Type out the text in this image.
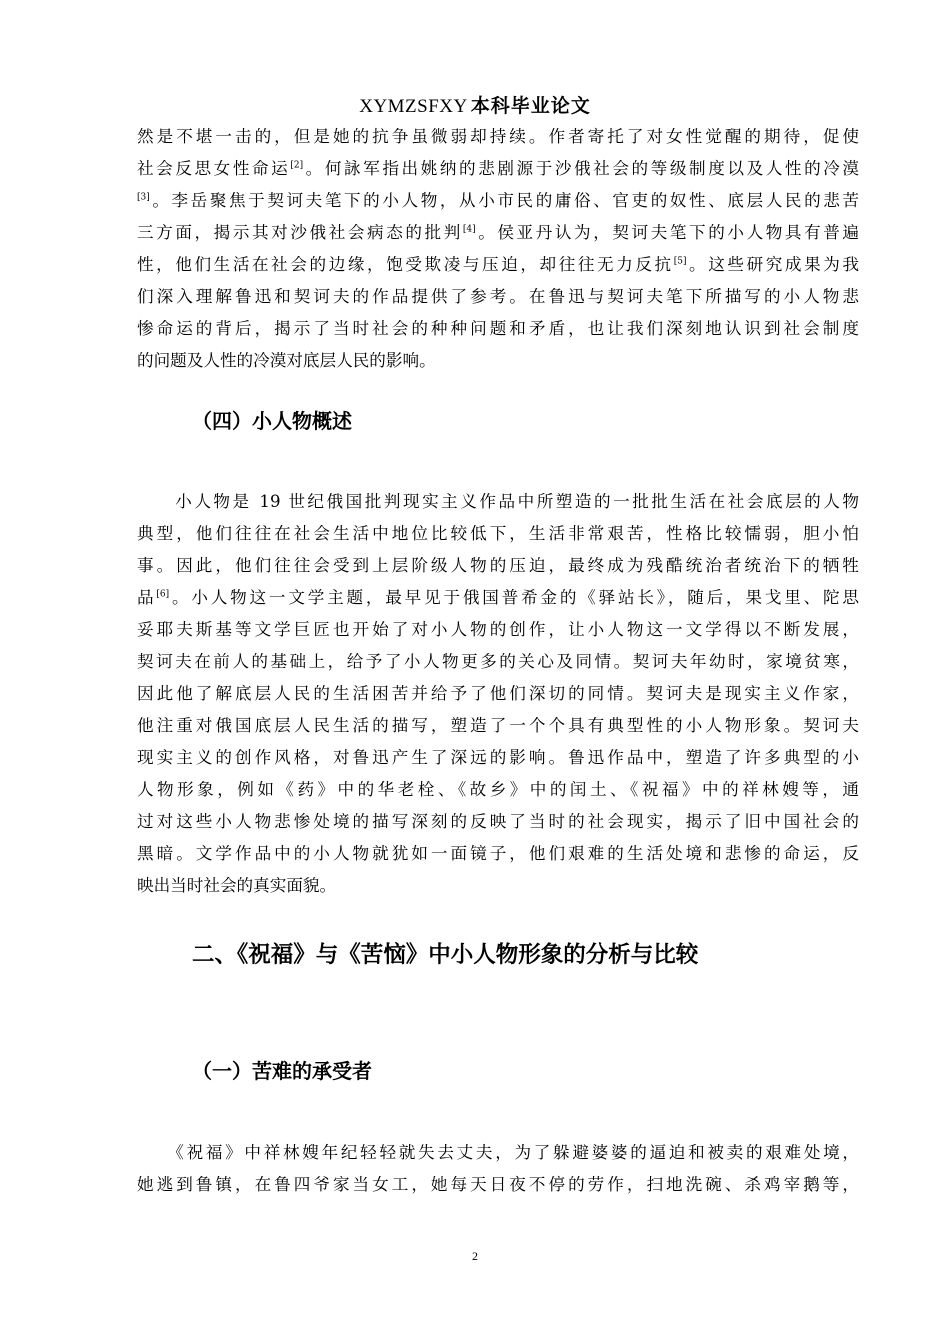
XYMZSFXY 本科毕业论文
然是不堪一击的，但是她的抗争虽微弱却持续。作者寄托了对女性觉醒的期待，促使
社会反思女性命运[2]。何詠军指出姚纳的悲剧源于沙俄社会的等级制度以及人性的冷漠
[3]。李岳聚焦于契诃夫笔下的小人物，从小市民的庸俗、官吏的奴性、底层人民的悲苦
三方面，揭示其对沙俄社会病态的批判[4]。侯亚丹认为，契诃夫笔下的小人物具有普遍
性，他们生活在社会的边缘，饱受欺凌与压迫，却往往无力反抗[5]。这些研究成果为我
们深入理解鲁迅和契诃夫的作品提供了参考。在鲁迅与契诃夫笔下所描写的小人物悲
惨命运的背后，揭示了当时社会的种种问题和矛盾，也让我们深刻地认识到社会制度
的问题及人性的冷漠对底层人民的影响。
（四）小人物概述
　　小人物是 19 世纪俄国批判现实主义作品中所塑造的一批批生活在社会底层的人物
典型，他们往往在社会生活中地位比较低下，生活非常艰苦，性格比较懦弱，胆小怕
事。因此，他们往往会受到上层阶级人物的压迫，最终成为残酷统治者统治下的牺牲
品[6]。小人物这一文学主题，最早见于俄国普希金的《驿站长》，随后，果戈里、陀思
妥耶夫斯基等文学巨匠也开始了对小人物的创作，让小人物这一文学得以不断发展，
契诃夫在前人的基础上，给予了小人物更多的关心及同情。契诃夫年幼时，家境贫寒，
因此他了解底层人民的生活困苦并给予了他们深切的同情。契诃夫是现实主义作家，
他注重对俄国底层人民生活的描写，塑造了一个个具有典型性的小人物形象。契诃夫
现实主义的创作风格，对鲁迅产生了深远的影响。鲁迅作品中，塑造了许多典型的小
人物形象，例如《药》中的华老栓、《故乡》中的闰土、《祝福》中的祥林嫂等，通
过对这些小人物悲惨处境的描写深刻的反映了当时的社会现实，揭示了旧中国社会的
黑暗。文学作品中的小人物就犹如一面镜子，他们艰难的生活处境和悲惨的命运，反
映出当时社会的真实面貌。
二、《祝福》与《苦恼》中小人物形象的分析与比较
（一）苦难的承受者
　　《祝福》中祥林嫂年纪轻轻就失去丈夫，为了躲避婆婆的逼迫和被卖的艰难处境，
她逃到鲁镇，在鲁四爷家当女工，她每天日夜不停的劳作，扫地洗碗、杀鸡宰鹅等，
2
